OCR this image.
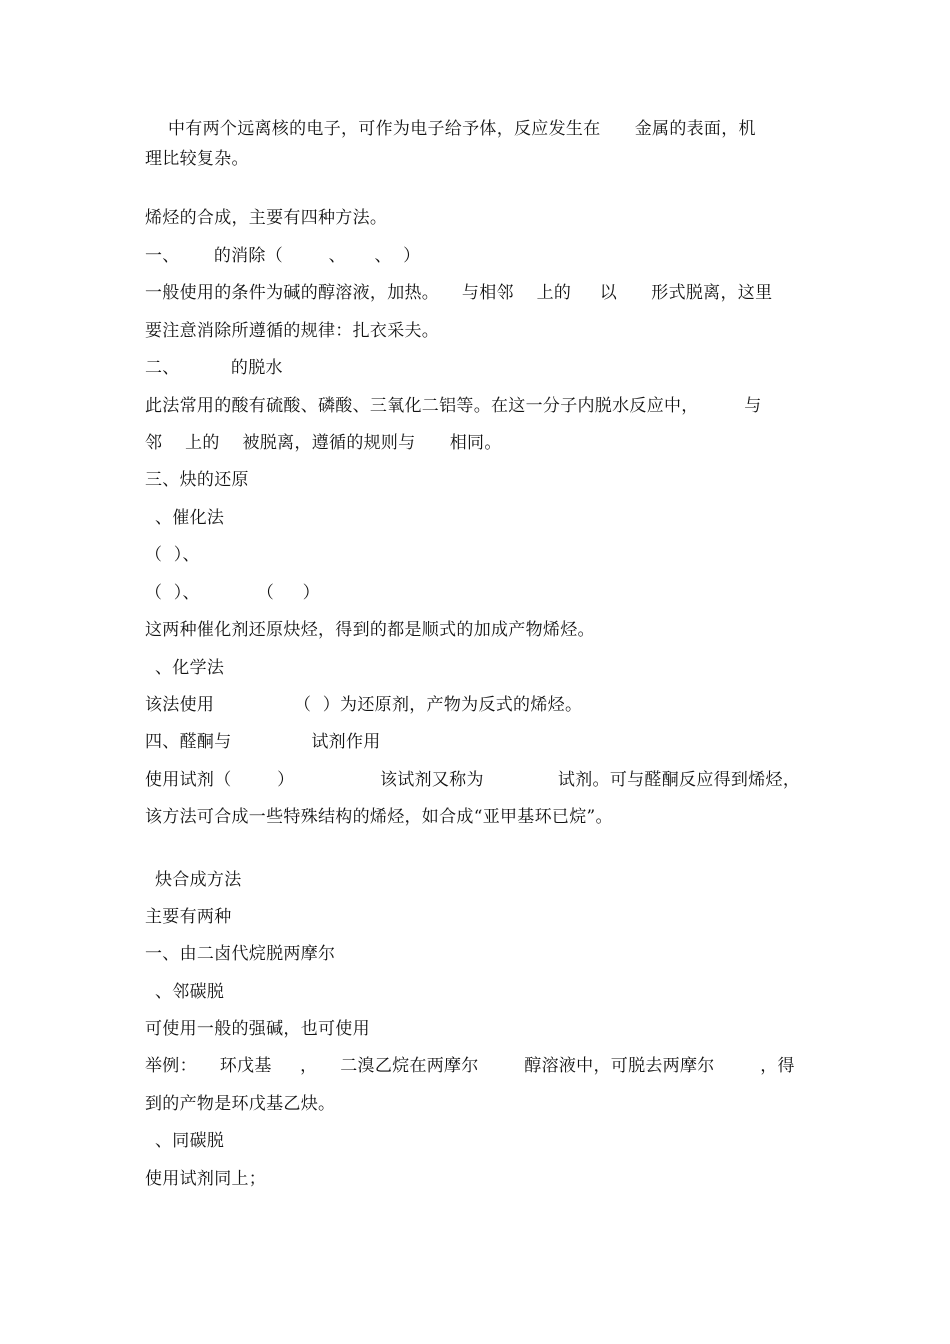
中有两个远离核的电子，可作为电子给予体，反应发生在      金属的表面，机
理比较复杂。
烯烃的合成，主要有四种方法。
一、      的消除（        、     、  ）
一般使用的条件为碱的醇溶液，加热。    与相邻    上的     以      形式脱离，这里
要注意消除所遵循的规律：扎衣采夫。
二、         的脱水
此法常用的酸有硫酸、磷酸、三氧化二铝等。在这一分子内脱水反应中，        与
邻    上的    被脱离，遵循的规则与      相同。
三、炔的还原
、催化法
（  ）、
（  ）、          （     ）
这两种催化剂还原炔烃，得到的都是顺式的加成产物烯烃。
、化学法
该法使用              （  ）为还原剂，产物为反式的烯烃。
四、醛酮与              试剂作用
使用试剂（        ）               该试剂又称为             试剂。可与醛酮反应得到烯烃，
该方法可合成一些特殊结构的烯烃，如合成“亚甲基环已烷”。
炔合成方法
主要有两种
一、由二卤代烷脱两摩尔
、邻碳脱
可使用一般的强碱，也可使用
举例：    环戊基     ，    二溴乙烷在两摩尔        醇溶液中，可脱去两摩尔        ，得
到的产物是环戊基乙炔。
、同碳脱
使用试剂同上；
